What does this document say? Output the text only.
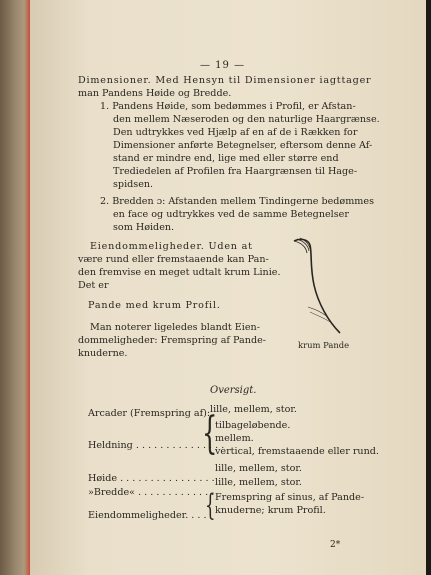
— 19 —
Dimensioner. Med Hensyn til Dimensioner iagttager
man Pandens Høide og Bredde.
1. Pandens Høide, som bedømmes i Profil, er Afstan-
den mellem Næseroden og den naturlige Haargrænse.
Den udtrykkes ved Hjælp af en af de i Rækken for
Dimensioner anførte Betegnelser, eftersom denne Af-
stand er mindre end, lige med eller større end
Trediedelen af Profilen fra Haargrænsen til Hage-
spidsen.
2. Bredden ɔ: Afstanden mellem Tindingerne bedømmes
en face og udtrykkes ved de samme Betegnelser
som Høiden.
Eiendommeligheder. Uden at
være rund eller fremstaaende kan Pan-
den fremvise en meget udtalt krum Linie.
Det er
Pande med krum Profil.
Man noterer ligeledes blandt Eien-
dommeligheder: Fremspring af Pande-
knuderne.
krum Pande
Oversigt.
Arcader (Fremspring af): lille, mellem, stor.
Heldning . . . . . . . . . . . . . . .
{
tilbageløbende.
mellem.
vertical, fremstaaende eller rund.
Høide . . . . . . . . . . . . . . . .
lille, mellem, stor.
»Bredde« . . . . . . . . . . . . .
lille, mellem, stor.
Eiendommeligheder. . . .
{ Fremspring af sinus, af Pande-
knuderne; krum Profil.
2*
